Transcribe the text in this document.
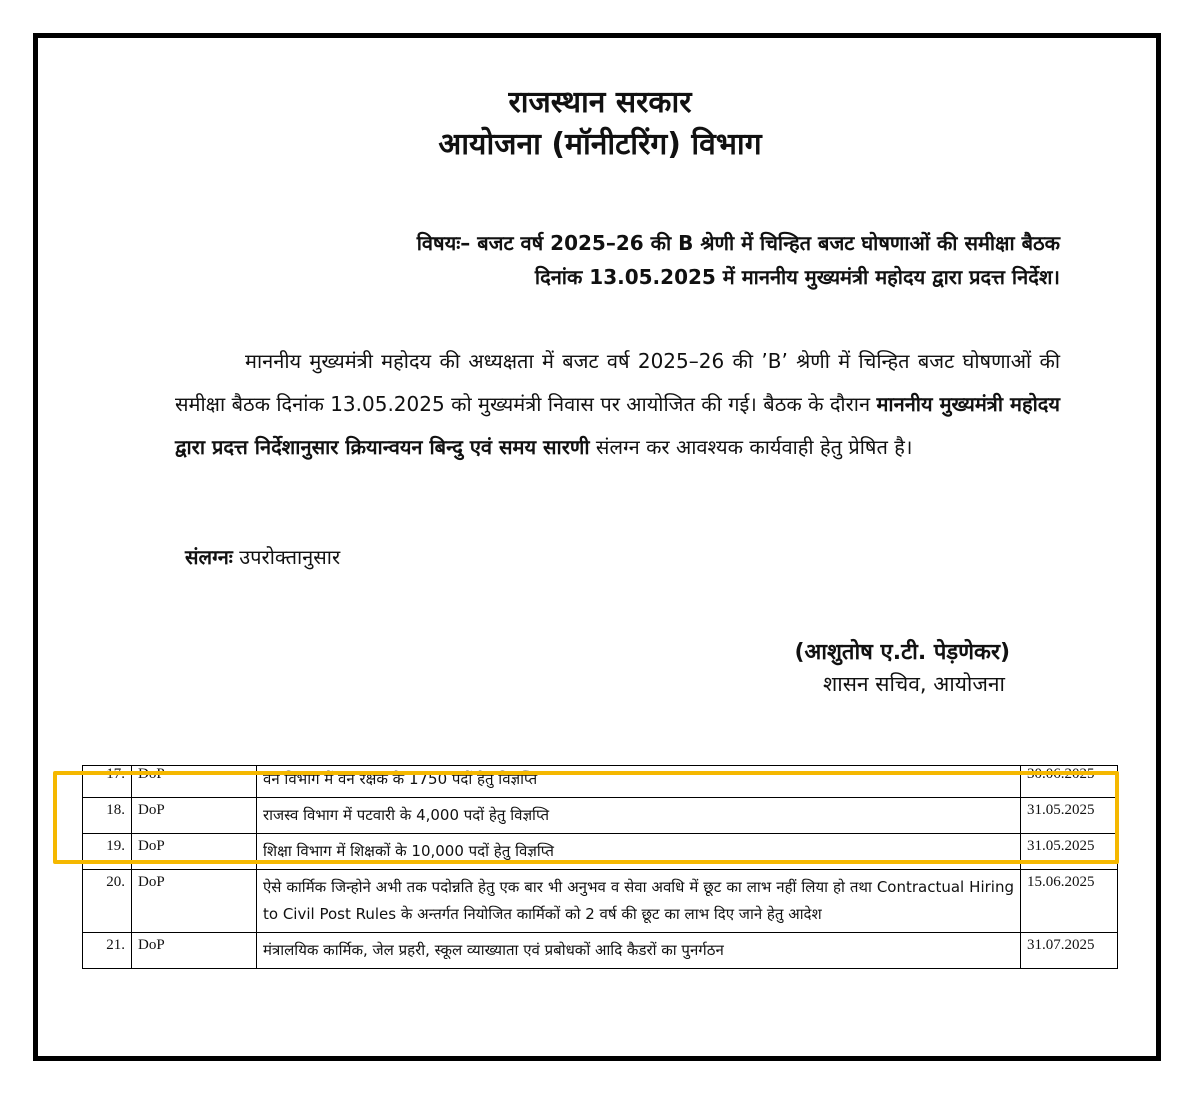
राजस्थान सरकार
आयोजना (मॉनीटरिंग) विभाग
विषयः– बजट वर्ष 2025–26 की B श्रेणी में चिन्हित बजट घोषणाओं की समीक्षा बैठक
दिनांक 13.05.2025 में माननीय मुख्यमंत्री महोदय द्वारा प्रदत्त निर्देश।
माननीय मुख्यमंत्री महोदय की अध्यक्षता में बजट वर्ष 2025–26 की ’B’ श्रेणी में चिन्हित बजट घोषणाओं की समीक्षा बैठक दिनांक 13.05.2025 को मुख्यमंत्री निवास पर आयोजित की गई। बैठक के दौरान माननीय मुख्यमंत्री महोदय द्वारा प्रदत्त निर्देशानुसार क्रियान्वयन बिन्दु एवं समय सारणी संलग्न कर आवश्यक कार्यवाही हेतु प्रेषित है।
संलग्नः उपरोक्तानुसार
(आशुतोष ए.टी. पेड़णेकर)
शासन सचिव, आयोजना
17.	DoP	वन विभाग में वन रक्षक के 1750 पदों हेतु विज्ञप्ति	30.06.2025
18.	DoP	राजस्व विभाग में पटवारी के 4,000 पदों हेतु विज्ञप्ति	31.05.2025
19.	DoP	शिक्षा विभाग में शिक्षकों के 10,000 पदों हेतु विज्ञप्ति	31.05.2025
20.	DoP	ऐसे कार्मिक जिन्होने अभी तक पदोन्नति हेतु एक बार भी अनुभव व सेवा अवधि में छूट का लाभ नहीं लिया हो तथा Contractual Hiring to Civil Post Rules के अन्तर्गत नियोजित कार्मिकों को 2 वर्ष की छूट का लाभ दिए जाने हेतु आदेश	15.06.2025
21.	DoP	मंत्रालयिक कार्मिक, जेल प्रहरी, स्कूल व्याख्याता एवं प्रबोधकों आदि कैडरों का पुनर्गठन	31.07.2025
